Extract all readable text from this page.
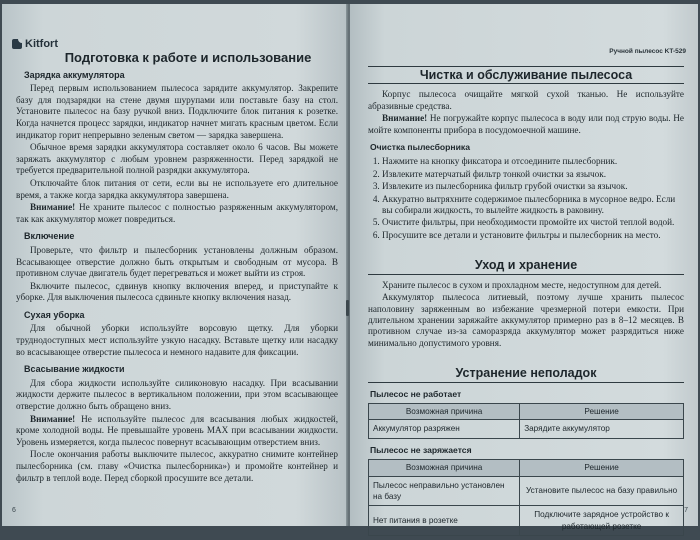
Kitfort
Подготовка к работе и использование
Зарядка аккумулятора
Перед первым использованием пылесоса зарядите аккумулятор. Закрепите базу для подзарядки на стене двумя шурупами или поставьте базу на стол. Установите пылесос на базу ручкой вниз. Подключите блок питания к розетке. Когда начнется процесс зарядки, индикатор начнет мигать красным цветом. Если индикатор горит непрерывно зеленым светом — зарядка завершена.
Обычное время зарядки аккумулятора составляет около 6 часов. Вы можете заряжать аккумулятор с любым уровнем разряженности. Перед зарядкой не требуется предварительной полной разрядки аккумулятора.
Отключайте блок питания от сети, если вы не используете его длительное время, а также когда зарядка аккумулятора завершена.
Внимание! Не храните пылесос с полностью разряженным аккумулятором, так как аккумулятор может повредиться.
Включение
Проверьте, что фильтр и пылесборник установлены должным образом. Всасывающее отверстие должно быть открытым и свободным от мусора. В противном случае двигатель будет перегреваться и может выйти из строя.
Включите пылесос, сдвинув кнопку включения вперед, и приступайте к уборке. Для выключения пылесоса сдвиньте кнопку включения назад.
Сухая уборка
Для обычной уборки используйте ворсовую щетку. Для уборки труднодоступных мест используйте узкую насадку. Вставьте щетку или насадку во всасывающее отверстие пылесоса и немного надавите для фиксации.
Всасывание жидкости
Для сбора жидкости используйте силиконовую насадку. При всасывании жидкости держите пылесос в вертикальном положении, при этом всасывающее отверстие должно быть обращено вниз.
Внимание! Не используйте пылесос для всасывания любых жидкостей, кроме холодной воды. Не превышайте уровень MAX при всасывании жидкости. Уровень измеряется, когда пылесос повернут всасывающим отверстием вниз.
После окончания работы выключите пылесос, аккуратно снимите контейнер пылесборника (см. главу «Очистка пылесборника») и промойте контейнер и фильтр в теплой воде. Перед сборкой просушите все детали.
6
Ручной пылесос KT-529
Чистка и обслуживание пылесоса
Корпус пылесоса очищайте мягкой сухой тканью. Не используйте абразивные средства.
Внимание! Не погружайте корпус пылесоса в воду или под струю воды. Не мойте компоненты прибора в посудомоечной машине.
Очистка пылесборника
1. Нажмите на кнопку фиксатора и отсоедините пылесборник.
2. Извлеките матерчатый фильтр тонкой очистки за язычок.
3. Извлеките из пылесборника фильтр грубой очистки за язычок.
4. Аккуратно вытряхните содержимое пылесборника в мусорное ведро. Если вы собирали жидкость, то вылейте жидкость в раковину.
5. Очистите фильтры, при необходимости промойте их чистой теплой водой.
6. Просушите все детали и установите фильтры и пылесборник на место.
Уход и хранение
Храните пылесос в сухом и прохладном месте, недоступном для детей.
Аккумулятор пылесоса литиевый, поэтому лучше хранить пылесос наполовину заряженным во избежание чрезмерной потери емкости. При длительном хранении заряжайте аккумулятор примерно раз в 8–12 месяцев. В противном случае из-за саморазряда аккумулятор может разрядиться ниже минимально допустимого уровня.
Устранение неполадок
Пылесос не работает
Возможная причина	Решение
Аккумулятор разряжен	Зарядите аккумулятор
Пылесос не заряжается
Возможная причина	Решение
Пылесос неправильно установлен на базу	Установите пылесос на базу правильно
Нет питания в розетке	Подключите зарядное устройство к работающей розетке
7
